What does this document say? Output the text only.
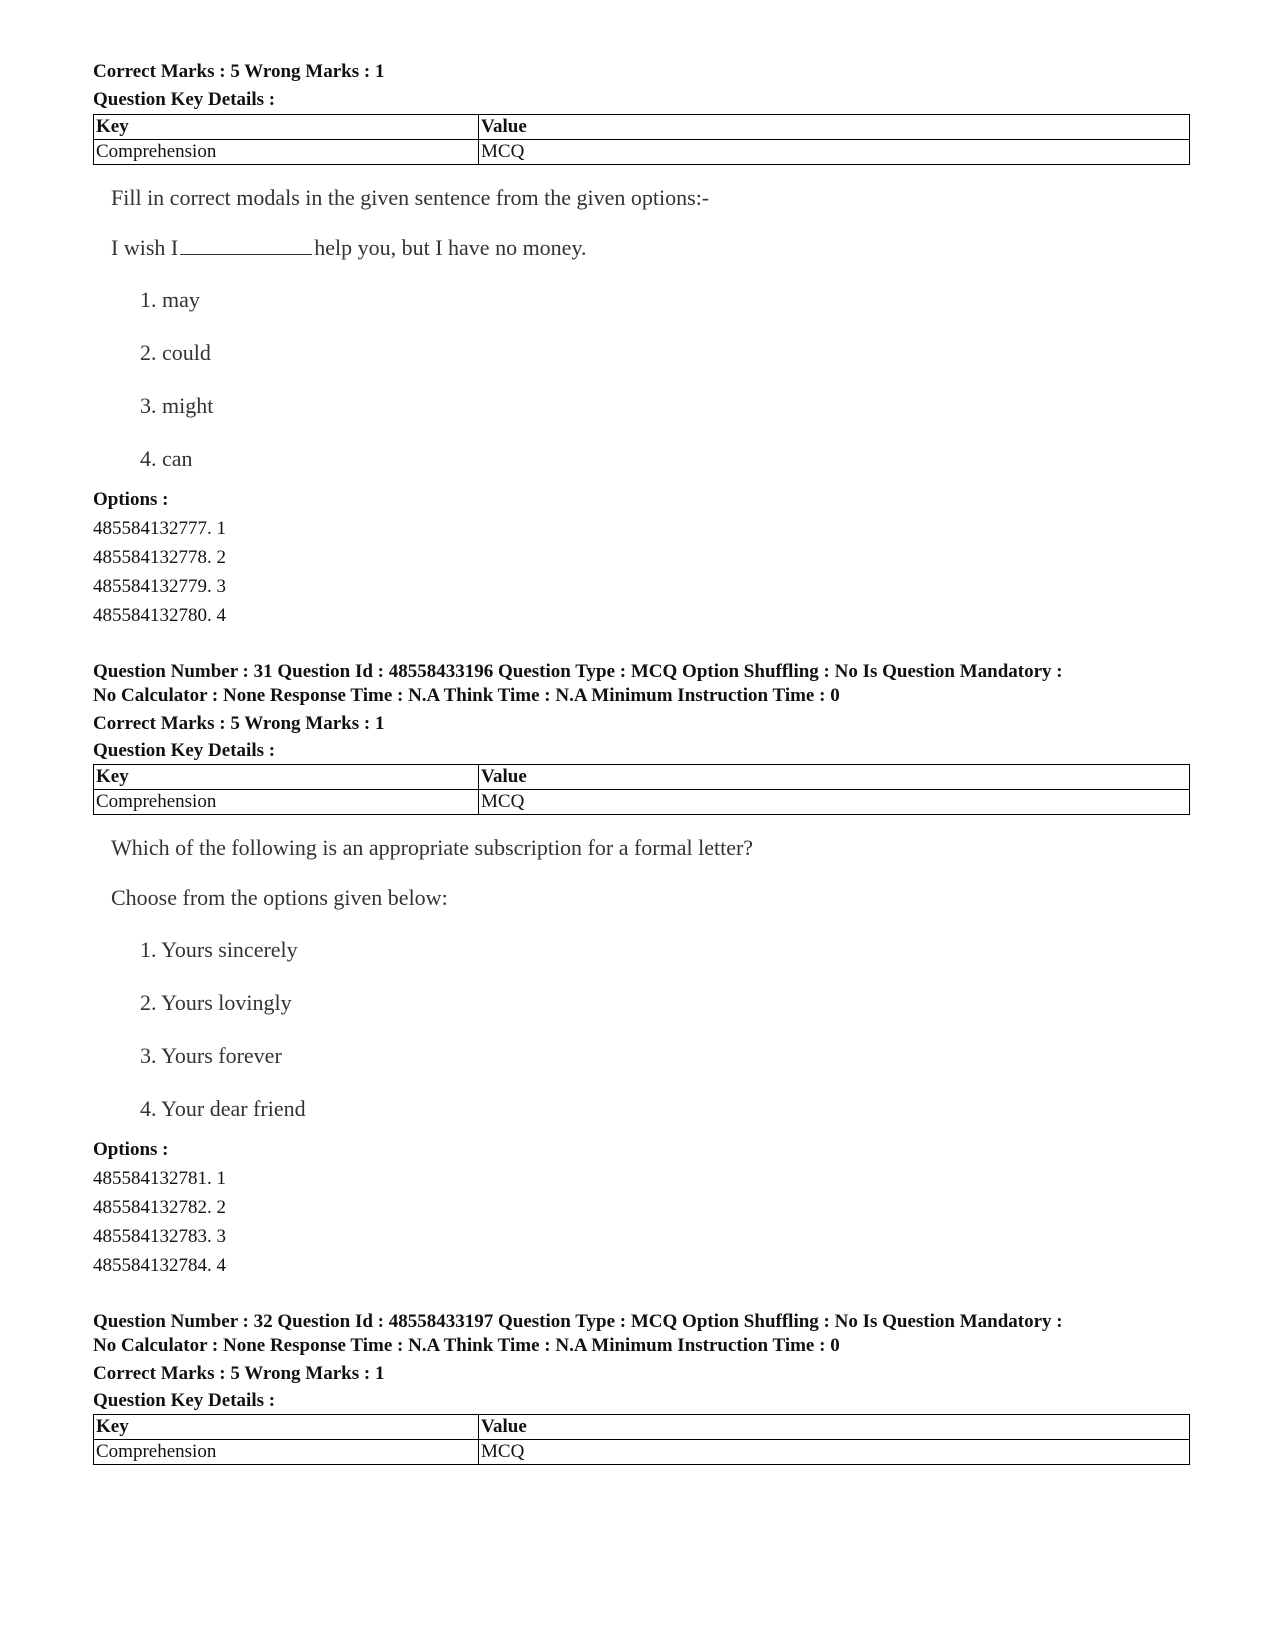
Correct Marks : 5 Wrong Marks : 1
Question Key Details :
Key	Value
Comprehension	MCQ
Fill in correct modals in the given sentence from the given options:-
I wish I	help you, but I have no money.
1. may
2. could
3. might
4. can
Options :
485584132777. 1
485584132778. 2
485584132779. 3
485584132780. 4
Question Number : 31 Question Id : 48558433196 Question Type : MCQ Option Shuffling : No Is Question Mandatory :
No Calculator : None Response Time : N.A Think Time : N.A Minimum Instruction Time : 0
Correct Marks : 5 Wrong Marks : 1
Question Key Details :
Key	Value
Comprehension	MCQ
Which of the following is an appropriate subscription for a formal letter?
Choose from the options given below:
1. Yours sincerely
2. Yours lovingly
3. Yours forever
4. Your dear friend
Options :
485584132781. 1
485584132782. 2
485584132783. 3
485584132784. 4
Question Number : 32 Question Id : 48558433197 Question Type : MCQ Option Shuffling : No Is Question Mandatory :
No Calculator : None Response Time : N.A Think Time : N.A Minimum Instruction Time : 0
Correct Marks : 5 Wrong Marks : 1
Question Key Details :
Key	Value
Comprehension	MCQ
